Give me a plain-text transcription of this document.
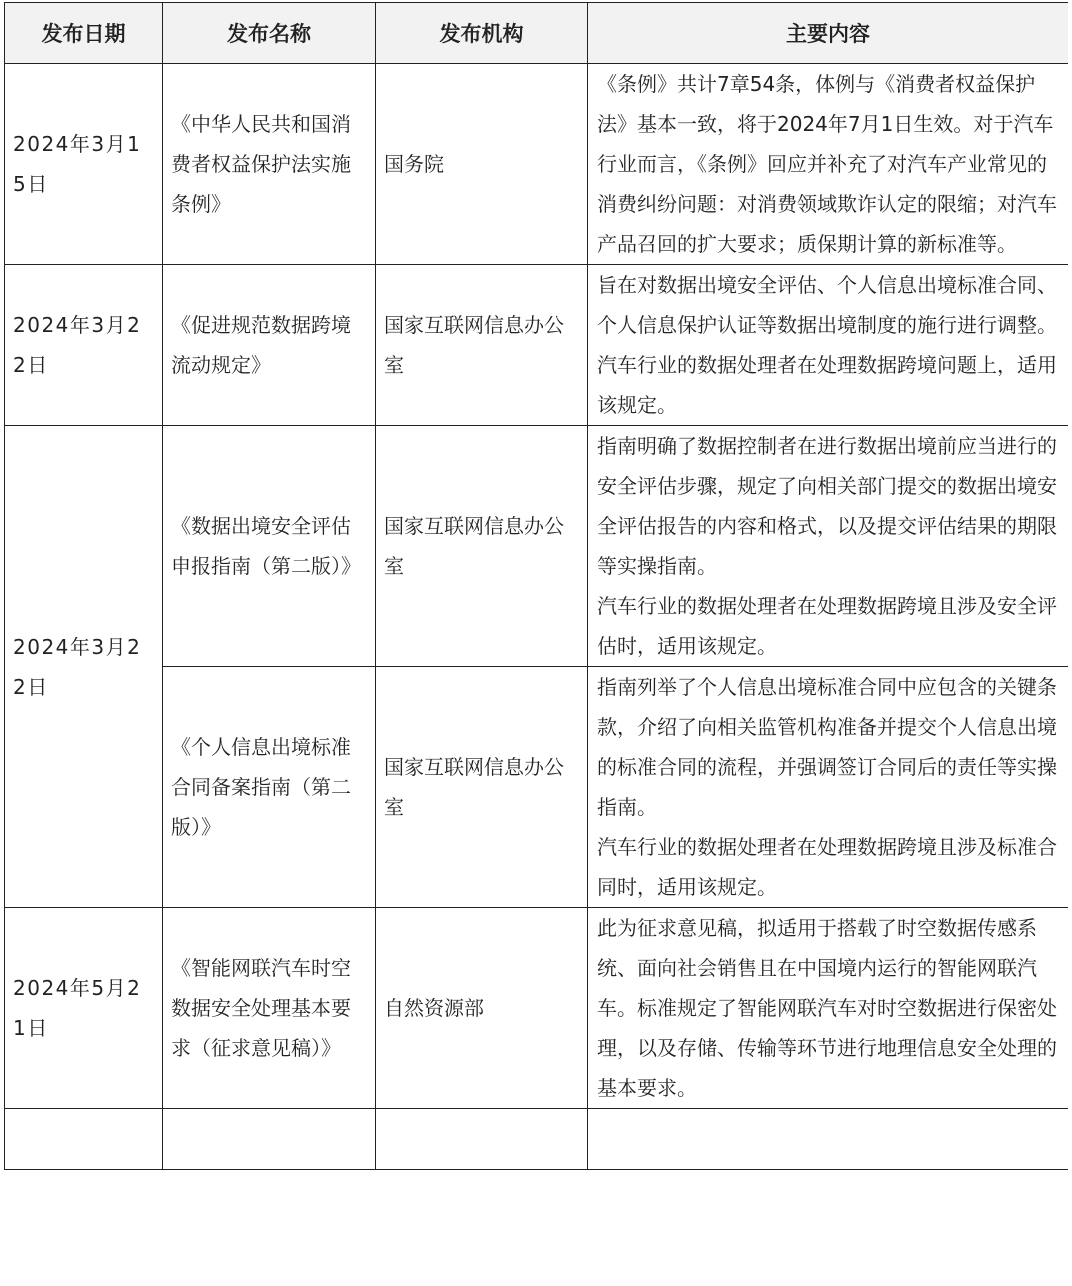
发布日期	发布名称	发布机构	主要内容
2024年3月15日	《中华人民共和国消费者权益保护法实施条例》	国务院	《条例》共计7章54条，体例与《消费者权益保护法》基本一致，将于2024年7月1日生效。对于汽车行业而言，《条例》回应并补充了对汽车产业常见的消费纠纷问题：对消费领域欺诈认定的限缩；对汽车产品召回的扩大要求；质保期计算的新标准等。

2024年3月22日	《促进规范数据跨境流动规定》	国家互联网信息办公室	旨在对数据出境安全评估、个人信息出境标准合同、个人信息保护认证等数据出境制度的施行进行调整。
汽车行业的数据处理者在处理数据跨境问题上，适用该规定。

2024年3月22日	《数据出境安全评估申报指南（第二版）》	国家互联网信息办公室	指南明确了数据控制者在进行数据出境前应当进行的安全评估步骤，规定了向相关部门提交的数据出境安全评估报告的内容和格式，以及提交评估结果的期限等实操指南。
汽车行业的数据处理者在处理数据跨境且涉及安全评估时，适用该规定。

	《个人信息出境标准合同备案指南（第二版）》	国家互联网信息办公室	指南列举了个人信息出境标准合同中应包含的关键条款，介绍了向相关监管机构准备并提交个人信息出境的标准合同的流程，并强调签订合同后的责任等实操指南。
汽车行业的数据处理者在处理数据跨境且涉及标准合同时，适用该规定。

2024年5月21日	《智能网联汽车时空数据安全处理基本要求（征求意见稿）》	自然资源部	此为征求意见稿，拟适用于搭载了时空数据传感系统、面向社会销售且在中国境内运行的智能网联汽车。标准规定了智能网联汽车对时空数据进行保密处理，以及存储、传输等环节进行地理信息安全处理的基本要求。
